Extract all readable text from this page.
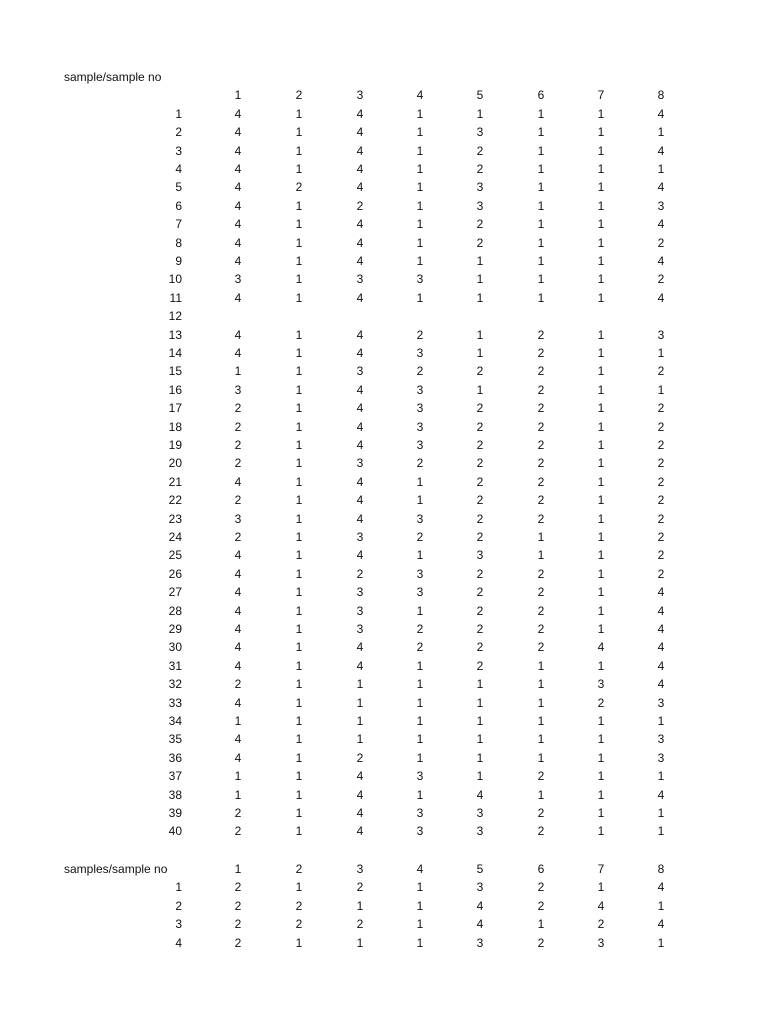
sample/sample no
1	2	3	4	5	6	7	8
1	4	1	4	1	1	1	1	4
2	4	1	4	1	3	1	1	1
3	4	1	4	1	2	1	1	4
4	4	1	4	1	2	1	1	1
5	4	2	4	1	3	1	1	4
6	4	1	2	1	3	1	1	3
7	4	1	4	1	2	1	1	4
8	4	1	4	1	2	1	1	2
9	4	1	4	1	1	1	1	4
10	3	1	3	3	1	1	1	2
11	4	1	4	1	1	1	1	4
12
13	4	1	4	2	1	2	1	3
14	4	1	4	3	1	2	1	1
15	1	1	3	2	2	2	1	2
16	3	1	4	3	1	2	1	1
17	2	1	4	3	2	2	1	2
18	2	1	4	3	2	2	1	2
19	2	1	4	3	2	2	1	2
20	2	1	3	2	2	2	1	2
21	4	1	4	1	2	2	1	2
22	2	1	4	1	2	2	1	2
23	3	1	4	3	2	2	1	2
24	2	1	3	2	2	1	1	2
25	4	1	4	1	3	1	1	2
26	4	1	2	3	2	2	1	2
27	4	1	3	3	2	2	1	4
28	4	1	3	1	2	2	1	4
29	4	1	3	2	2	2	1	4
30	4	1	4	2	2	2	4	4
31	4	1	4	1	2	1	1	4
32	2	1	1	1	1	1	3	4
33	4	1	1	1	1	1	2	3
34	1	1	1	1	1	1	1	1
35	4	1	1	1	1	1	1	3
36	4	1	2	1	1	1	1	3
37	1	1	4	3	1	2	1	1
38	1	1	4	1	4	1	1	4
39	2	1	4	3	3	2	1	1
40	2	1	4	3	3	2	1	1
samples/sample no	1	2	3	4	5	6	7	8
1	2	1	2	1	3	2	1	4
2	2	2	1	1	4	2	4	1
3	2	2	2	1	4	1	2	4
4	2	1	1	1	3	2	3	1
